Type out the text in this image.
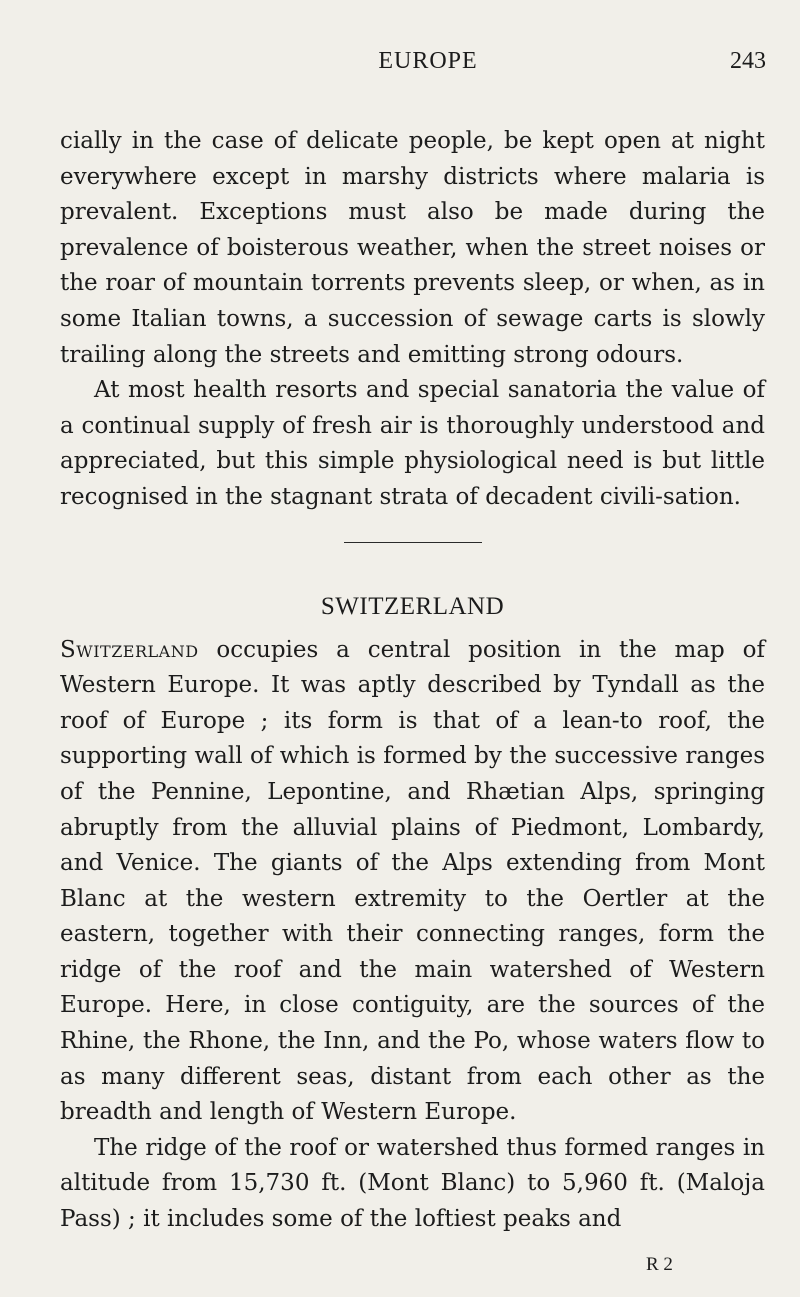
EUROPE	243

cially in the case of delicate people, be kept open at night everywhere except in marshy districts where malaria is prevalent. Exceptions must also be made during the prevalence of boisterous weather, when the street noises or the roar of mountain torrents prevents sleep, or when, as in some Italian towns, a succession of sewage carts is slowly trailing along the streets and emitting strong odours.

At most health resorts and special sanatoria the value of a continual supply of fresh air is thoroughly understood and appreciated, but this simple physiological need is but little recognised in the stagnant strata of decadent civili-sation.

SWITZERLAND

Switzerland occupies a central position in the map of Western Europe. It was aptly described by Tyndall as the roof of Europe ; its form is that of a lean-to roof, the supporting wall of which is formed by the successive ranges of the Pennine, Lepontine, and Rhætian Alps, springing abruptly from the alluvial plains of Piedmont, Lombardy, and Venice. The giants of the Alps extending from Mont Blanc at the western extremity to the Oertler at the eastern, together with their connecting ranges, form the ridge of the roof and the main watershed of Western Europe. Here, in close contiguity, are the sources of the Rhine, the Rhone, the Inn, and the Po, whose waters flow to as many different seas, distant from each other as the breadth and length of Western Europe.

The ridge of the roof or watershed thus formed ranges in altitude from 15,730 ft. (Mont Blanc) to 5,960 ft. (Maloja Pass) ; it includes some of the loftiest peaks and

R 2
